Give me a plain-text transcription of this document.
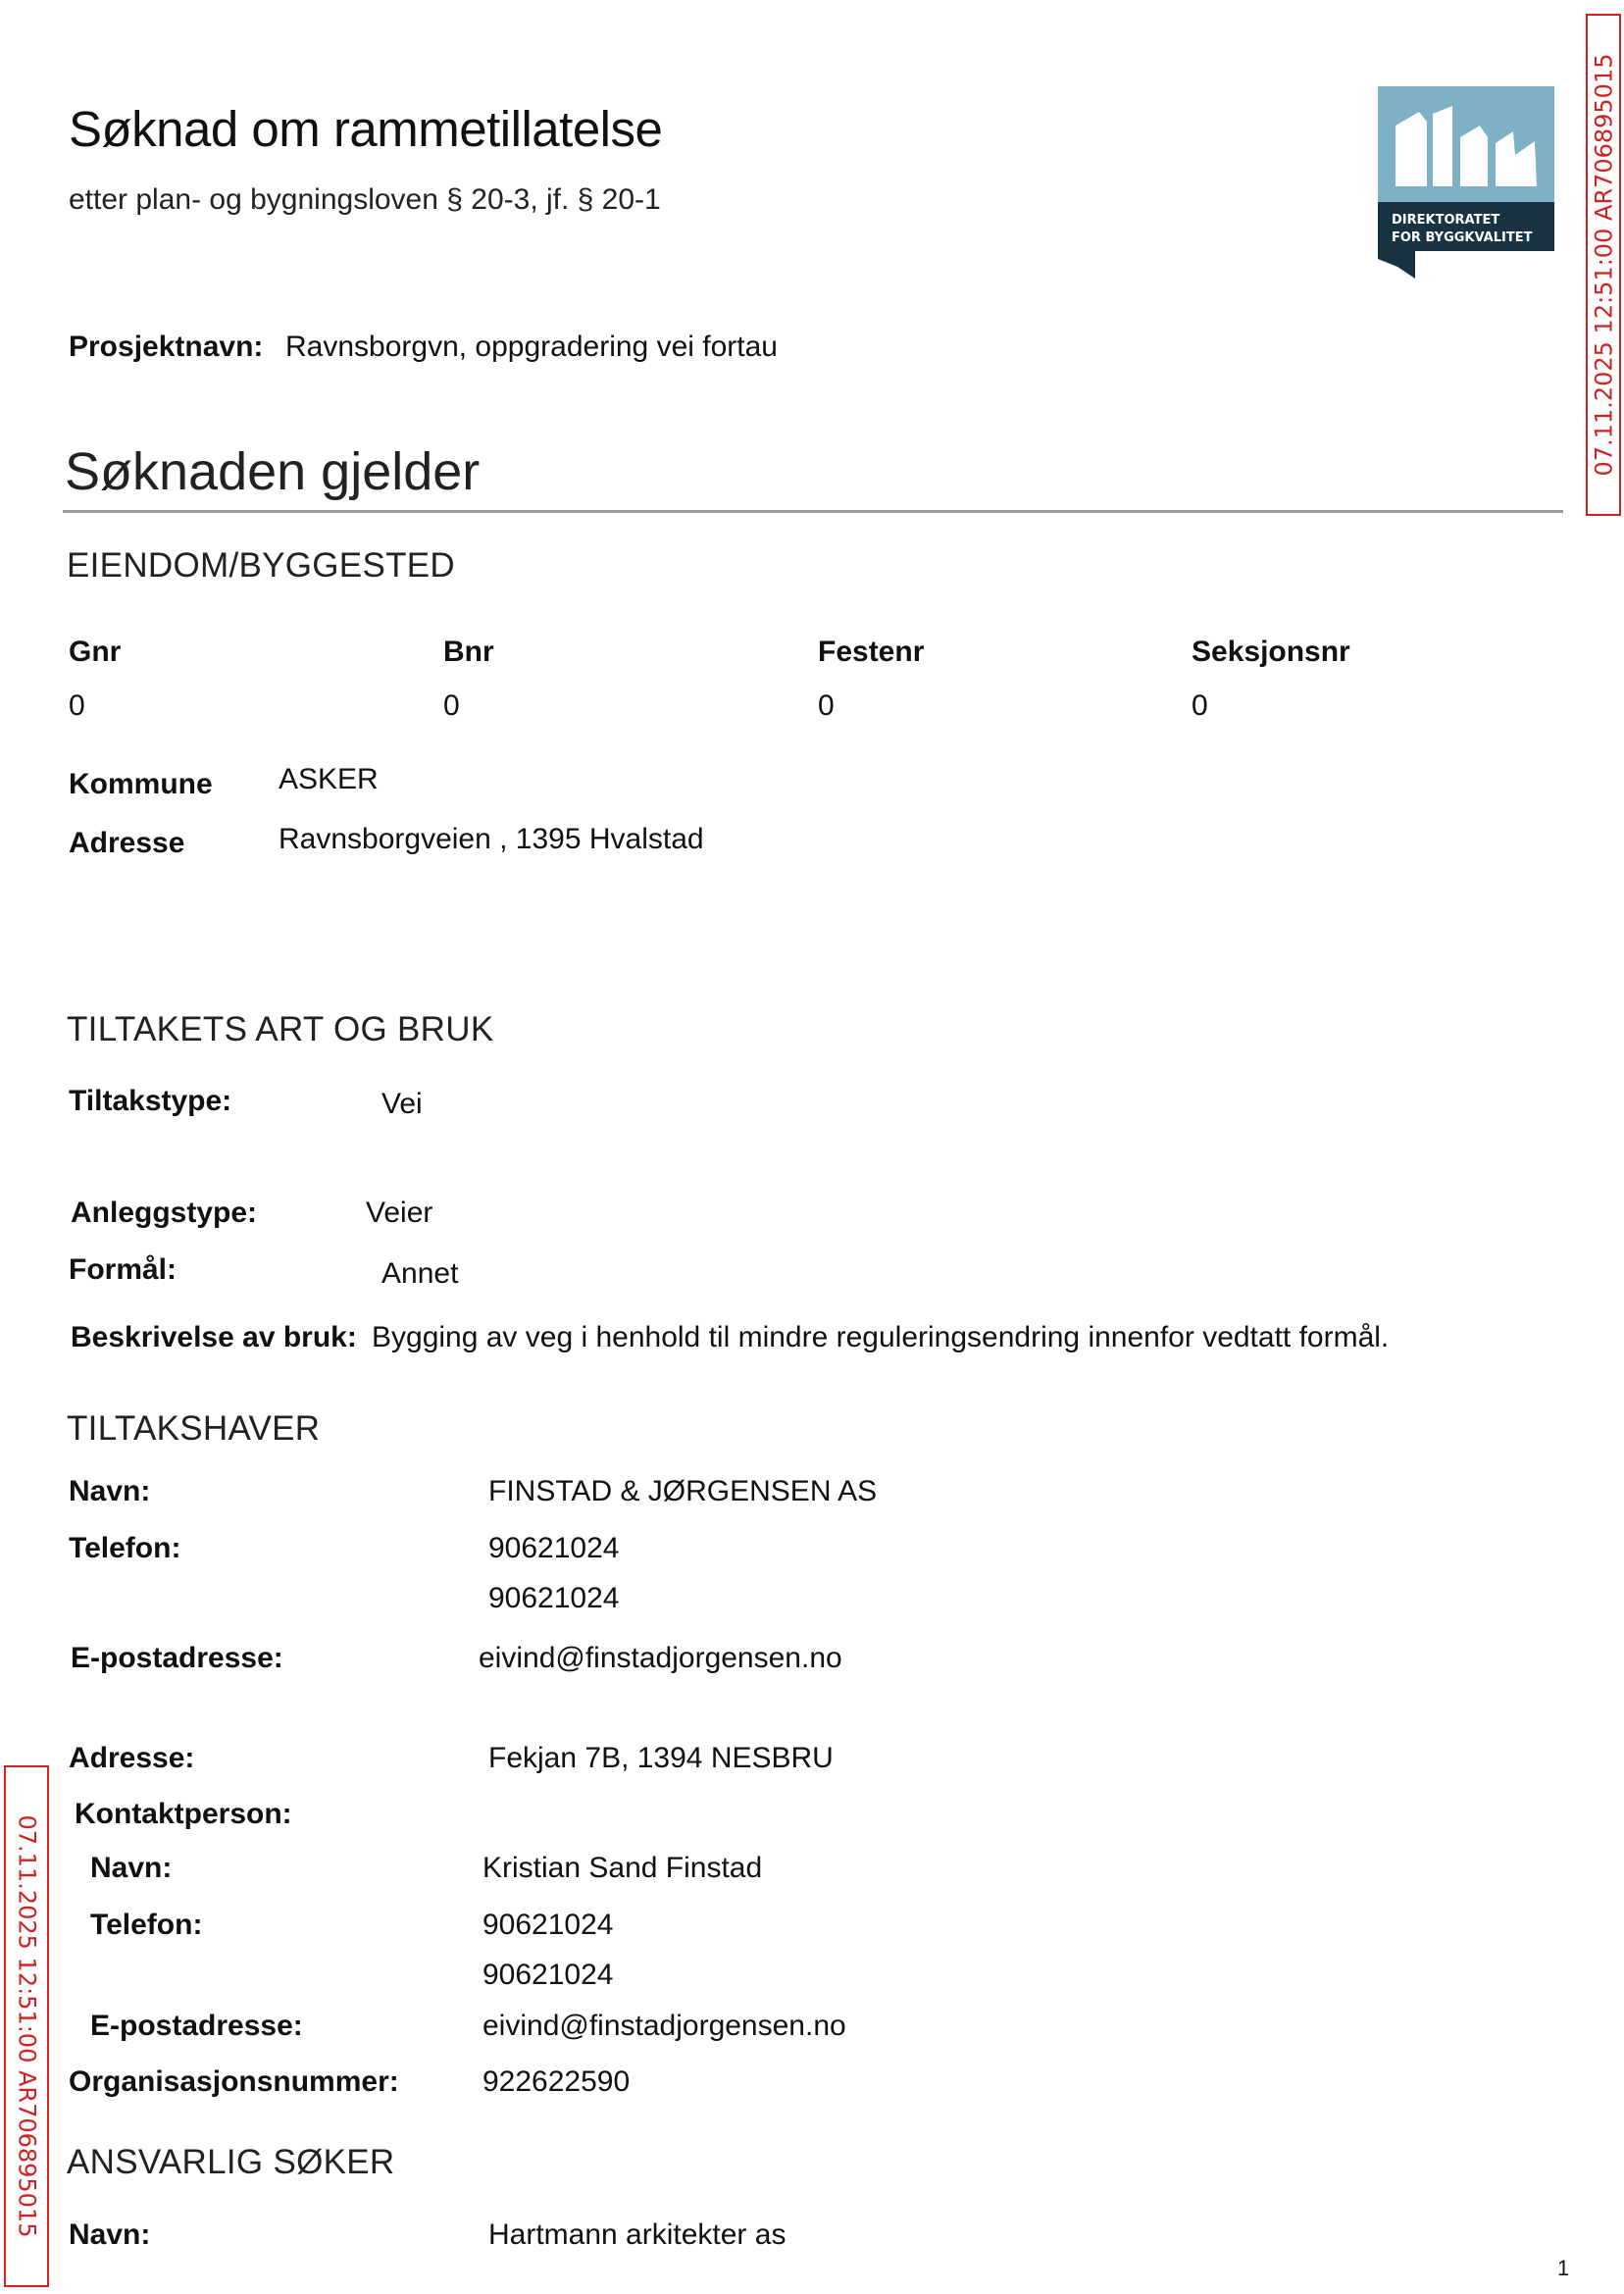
Søknad om rammetillatelse
etter plan- og bygningsloven § 20-3, jf. § 20-1
DIREKTORATET
FOR BYGGKVALITET 07.11.2025 12:51:00 AR706895015
Prosjektnavn: Ravnsborgvn, oppgradering vei fortau
Søknaden gjelder
EIENDOM/BYGGESTED
Gnr	Bnr	Festenr	Seksjonsnr
0	0	0	0
Kommune ASKER
Adresse	Ravnsborgveien , 1395 Hvalstad
TILTAKETS ART OG BRUK
Tiltakstype:	Vei
Anleggstype:	Veier
Formål:	Annet
Beskrivelse av bruk: Bygging av veg i henhold til mindre reguleringsendring innenfor vedtatt formål.
TILTAKSHAVER
Navn:	FINSTAD & JØRGENSEN AS
Telefon:	90621024
90621024
E-postadresse:	eivind@finstadjorgensen.no
Adresse:	Fekjan 7B, 1394 NESBRU
Kontaktperson:
Navn:	Kristian Sand Finstad
Telefon:	90621024
90621024
E-postadresse:	eivind@finstadjorgensen.no
Organisasjonsnummer:	922622590
ANSVARLIG SØKER
Navn:	Hartmann arkitekter as
07.11.2025 12:51:00 AR706895015
1
